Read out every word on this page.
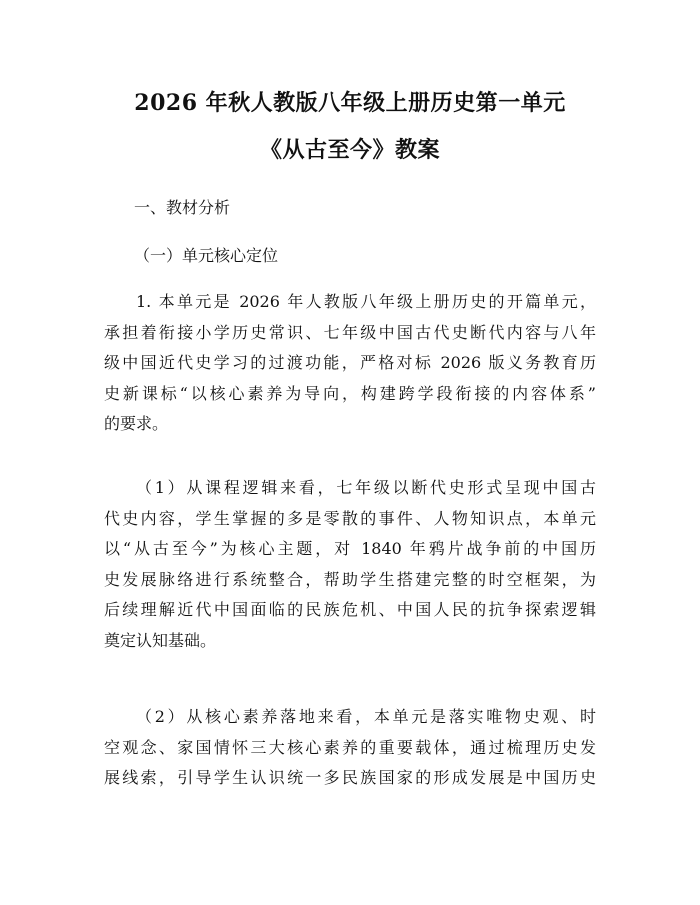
2026 年秋人教版八年级上册历史第一单元
《从古至今》教案

一、教材分析

（一）单元核心定位

1. 本单元是 2026 年人教版八年级上册历史的开篇单元，
承担着衔接小学历史常识、七年级中国古代史断代内容与八年
级中国近代史学习的过渡功能，严格对标 2026 版义务教育历
史新课标“以核心素养为导向，构建跨学段衔接的内容体系”
的要求。
（1）从课程逻辑来看，七年级以断代史形式呈现中国古
代史内容，学生掌握的多是零散的事件、人物知识点，本单元
以“从古至今”为核心主题，对 1840 年鸦片战争前的中国历
史发展脉络进行系统整合，帮助学生搭建完整的时空框架，为
后续理解近代中国面临的民族危机、中国人民的抗争探索逻辑
奠定认知基础。
（2）从核心素养落地来看，本单元是落实唯物史观、时
空观念、家国情怀三大核心素养的重要载体，通过梳理历史发
展线索，引导学生认识统一多民族国家的形成发展是中国历史
